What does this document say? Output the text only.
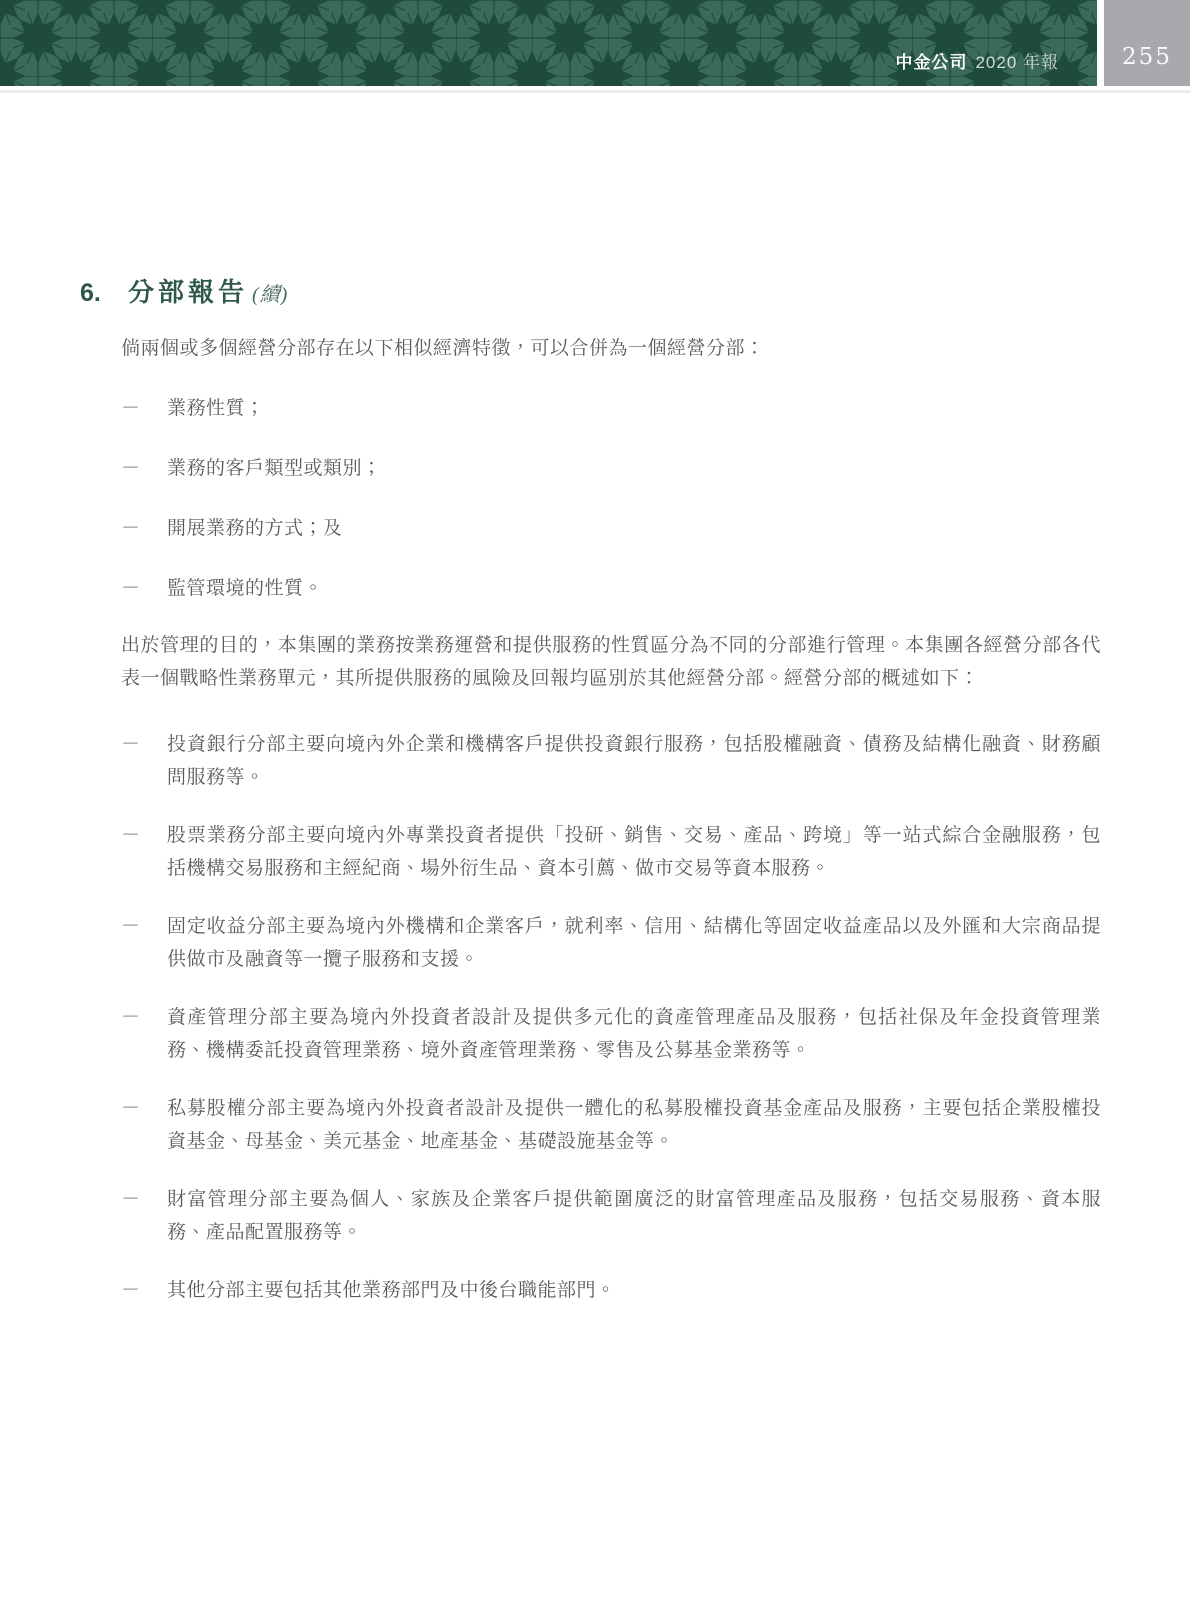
中金公司 2020 年報	255
6.	分部報告 (續)

倘兩個或多個經營分部存在以下相似經濟特徵，可以合併為一個經營分部：

－	業務性質；
－	業務的客戶類型或類別；
－	開展業務的方式；及
－	監管環境的性質。

出於管理的目的，本集團的業務按業務運營和提供服務的性質區分為不同的分部進行管理。本集團各經營分部各代表一個戰略性業務單元，其所提供服務的風險及回報均區別於其他經營分部。經營分部的概述如下：

－	投資銀行分部主要向境內外企業和機構客戶提供投資銀行服務，包括股權融資、債務及結構化融資、財務顧問服務等。
－	股票業務分部主要向境內外專業投資者提供「投研、銷售、交易、產品、跨境」等一站式綜合金融服務，包括機構交易服務和主經紀商、場外衍生品、資本引薦、做市交易等資本服務。
－	固定收益分部主要為境內外機構和企業客戶，就利率、信用、結構化等固定收益產品以及外匯和大宗商品提供做市及融資等一攬子服務和支援。
－	資產管理分部主要為境內外投資者設計及提供多元化的資產管理產品及服務，包括社保及年金投資管理業務、機構委託投資管理業務、境外資產管理業務、零售及公募基金業務等。
－	私募股權分部主要為境內外投資者設計及提供一體化的私募股權投資基金產品及服務，主要包括企業股權投資基金、母基金、美元基金、地產基金、基礎設施基金等。
－	財富管理分部主要為個人、家族及企業客戶提供範圍廣泛的財富管理產品及服務，包括交易服務、資本服務、產品配置服務等。
－	其他分部主要包括其他業務部門及中後台職能部門。
